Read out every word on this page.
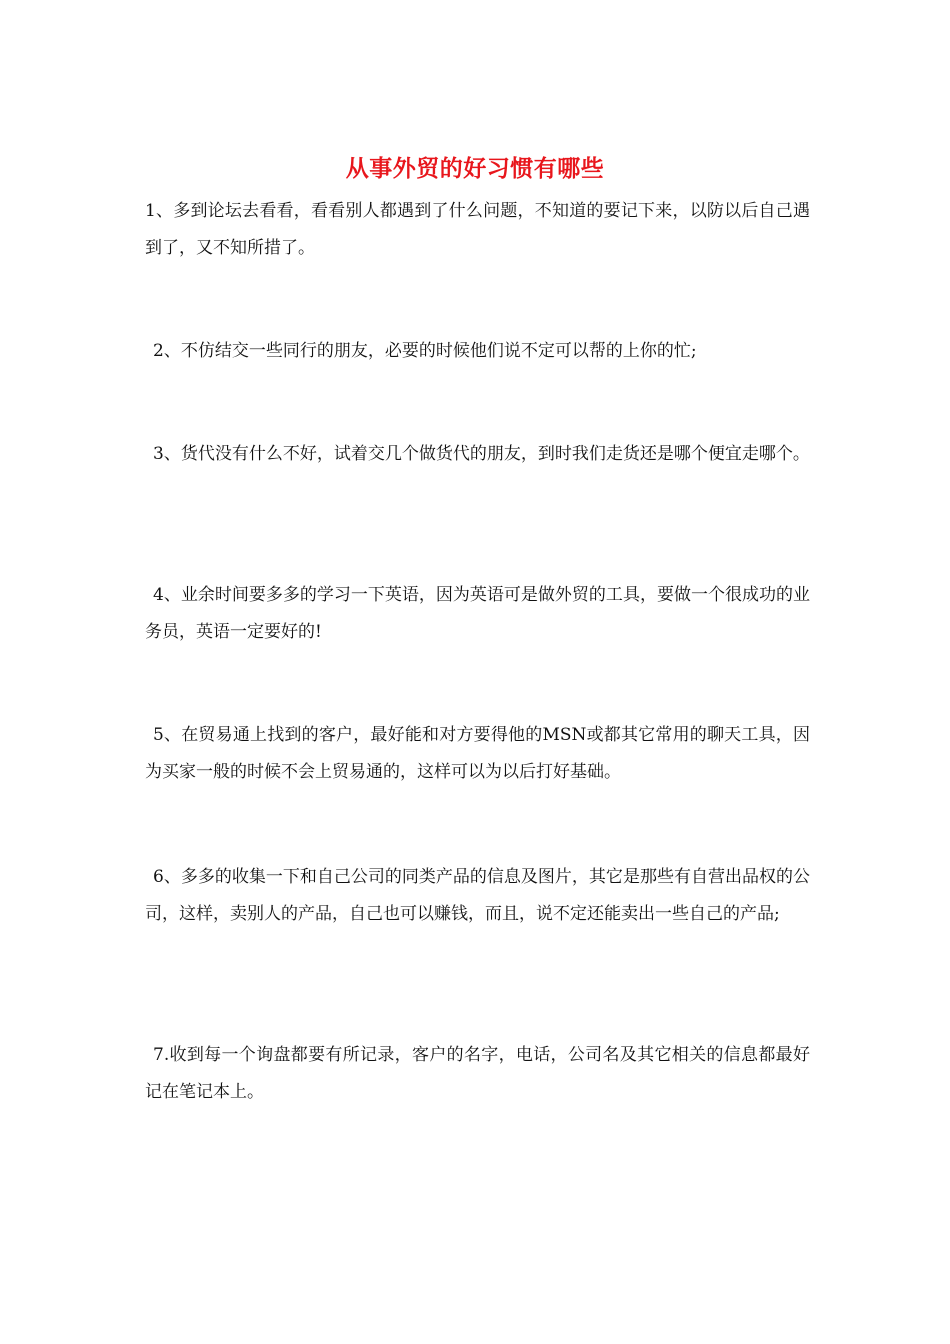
从事外贸的好习惯有哪些

1、多到论坛去看看，看看别人都遇到了什么问题，不知道的要记下来，以防以后自己遇到了，又不知所措了。

2、不仿结交一些同行的朋友，必要的时候他们说不定可以帮的上你的忙;

3、货代没有什么不好，试着交几个做货代的朋友，到时我们走货还是哪个便宜走哪个。

4、业余时间要多多的学习一下英语，因为英语可是做外贸的工具，要做一个很成功的业务员，英语一定要好的!

5、在贸易通上找到的客户，最好能和对方要得他的MSN或都其它常用的聊天工具，因为买家一般的时候不会上贸易通的，这样可以为以后打好基础。

6、多多的收集一下和自己公司的同类产品的信息及图片，其它是那些有自营出品权的公司，这样，卖别人的产品，自己也可以赚钱，而且，说不定还能卖出一些自己的产品;

7.收到每一个询盘都要有所记录，客户的名字，电话，公司名及其它相关的信息都最好记在笔记本上。
